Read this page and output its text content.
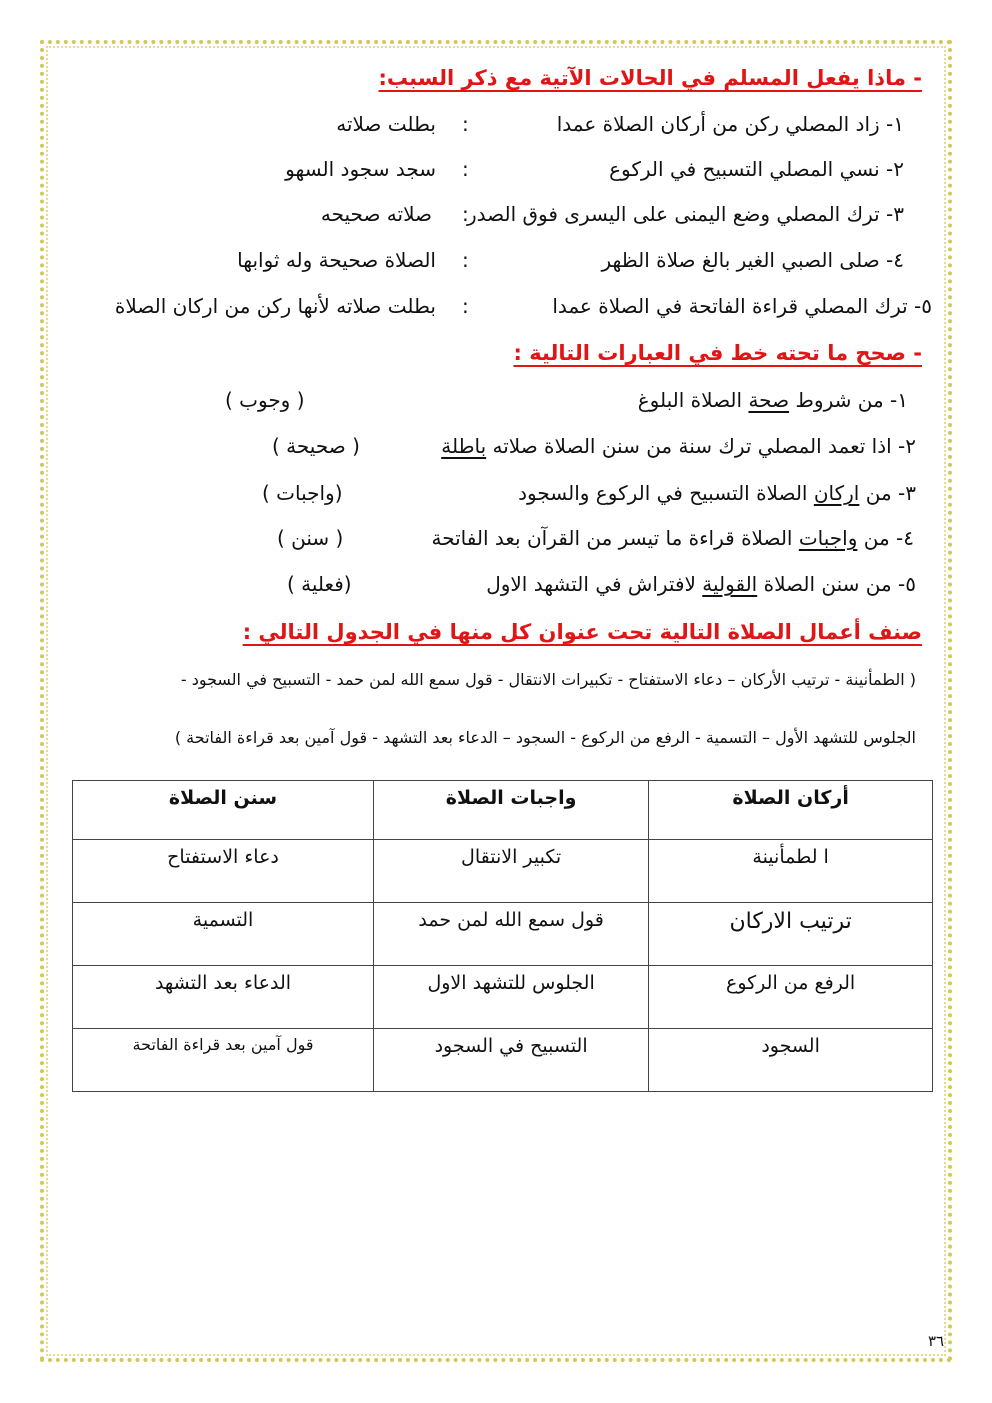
- ماذا يفعل المسلم في الحالات الآتية مع ذكر السبب:
١- زاد المصلي ركن من أركان الصلاة عمدا
:
بطلت صلاته
٢- نسي المصلي التسبيح في الركوع
:
سجد سجود السهو
٣- ترك المصلي وضع اليمنى على اليسرى فوق الصدر
:
صلاته صحيحه
٤- صلى الصبي الغير بالغ صلاة الظهر
:
الصلاة صحيحة وله ثوابها
٥- ترك المصلي قراءة الفاتحة في الصلاة عمدا
:
بطلت صلاته لأنها ركن من اركان الصلاة
- صحح ما تحته خط في العبارات التالية :
١- من شروط صحة الصلاة البلوغ
( وجوب )
٢- اذا تعمد المصلي ترك سنة من سنن الصلاة صلاته باطلة
( صحيحة )
٣- من اركان الصلاة التسبيح في الركوع والسجود
(واجبات )
٤- من واجبات الصلاة قراءة ما تيسر من القرآن بعد الفاتحة
( سنن )
٥- من سنن الصلاة القولية لافتراش في التشهد الاول
(فعلية )
صنف أعمال الصلاة التالية تحت عنوان كل منها في الجدول التالي :
( الطمأنينة - ترتيب الأركان – دعاء الاستفتاح - تكبيرات الانتقال - قول سمع الله لمن حمد - التسبيح في السجود -
الجلوس للتشهد الأول – التسمية - الرفع من الركوع - السجود – الدعاء بعد التشهد - قول آمين بعد قراءة الفاتحة )
أركان الصلاة	واجبات الصلاة	سنن الصلاة
ا لطمأنينة	تكبير الانتقال	دعاء الاستفتاح
ترتيب الاركان	قول سمع الله لمن حمد	التسمية
الرفع من الركوع	الجلوس للتشهد الاول	الدعاء بعد التشهد
السجود	التسبيح في السجود	قول آمين بعد قراءة الفاتحة
٣٦
